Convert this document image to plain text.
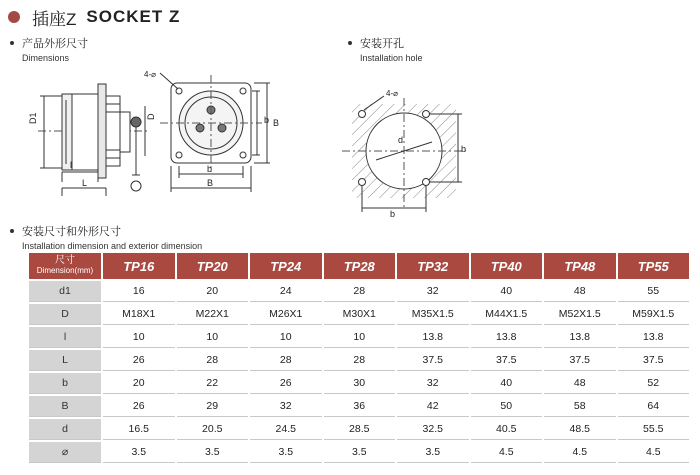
插座Z SOCKET Z
产品外形尺寸
Dimensions
安装开孔
Installation hole
D1	D
l
L
4-⌀
b B
b
B
4-⌀
d
b
b
安装尺寸和外形尺寸
Installation dimension and exterior dimension
尺寸
Dimension(mm)	TP16	TP20	TP24	TP28	TP32	TP40	TP48	TP55
d1	16	20	24	28	32	40	48	55
D	M18X1	M22X1	M26X1	M30X1	M35X1.5	M44X1.5	M52X1.5	M59X1.5
l	10	10	10	10	13.8	13.8	13.8	13.8
L	26	28	28	28	37.5	37.5	37.5	37.5
b	20	22	26	30	32	40	48	52
B	26	29	32	36	42	50	58	64
d	16.5	20.5	24.5	28.5	32.5	40.5	48.5	55.5
⌀	3.5	3.5	3.5	3.5	3.5	4.5	4.5	4.5
